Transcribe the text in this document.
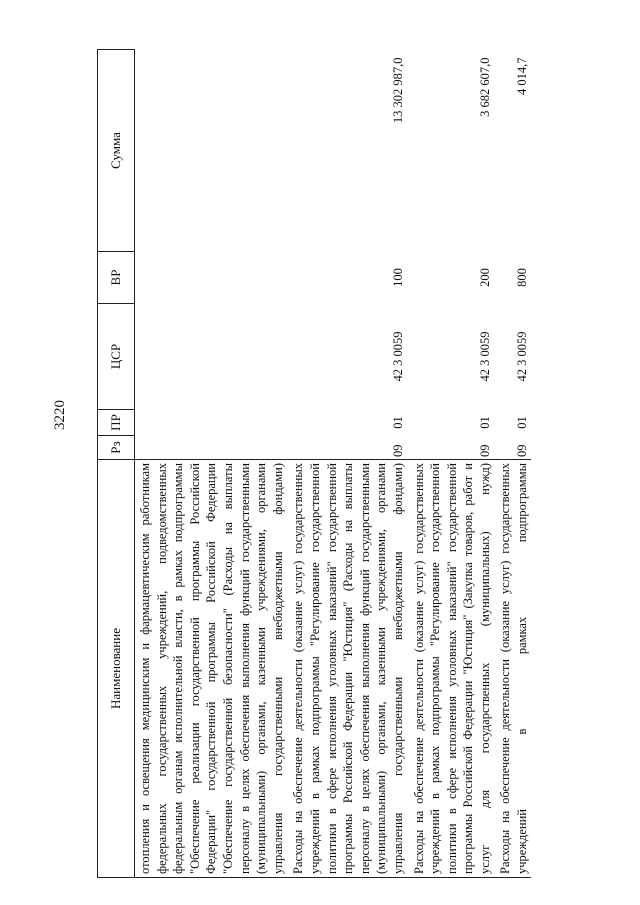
3220
Наименование	Рз	ПР	ЦСР	ВР	Сумма
отопления и освещения медицинским и фармацевтическим работникам федеральных государственных учреждений, подведомственных федеральным органам исполнительной власти, в рамках подпрограммы "Обеспечение реализации государственной программы Российской Федерации" государственной программы Российской Федерации "Обеспечение государственной безопасности" (Расходы на выплаты персоналу в целях обеспечения выполнения функций государственными (муниципальными) органами, казенными учреждениями, органами управления государственными внебюджетными фондами)					
Расходы на обеспечение деятельности (оказание услуг) государственных учреждений в рамках подпрограммы "Регулирование государственной политики в сфере исполнения уголовных наказаний" государственной программы Российской Федерации "Юстиция" (Расходы на выплаты персоналу в целях обеспечения выполнения функций государственными (муниципальными) органами, казенными учреждениями, органами управления государственными внебюджетными фондами)	09	01	42 3 0059	100	13 302 987,0
Расходы на обеспечение деятельности (оказание услуг) государственных учреждений в рамках подпрограммы "Регулирование государственной политики в сфере исполнения уголовных наказаний" государственной программы Российской Федерации "Юстиция" (Закупка товаров, работ и услуг для государственных (муниципальных) нужд)	09	01	42 3 0059	200	3 682 607,0
Расходы на обеспечение деятельности (оказание услуг) государственных учреждений в рамках подпрограммы	09	01	42 3 0059	800	4 014,7
